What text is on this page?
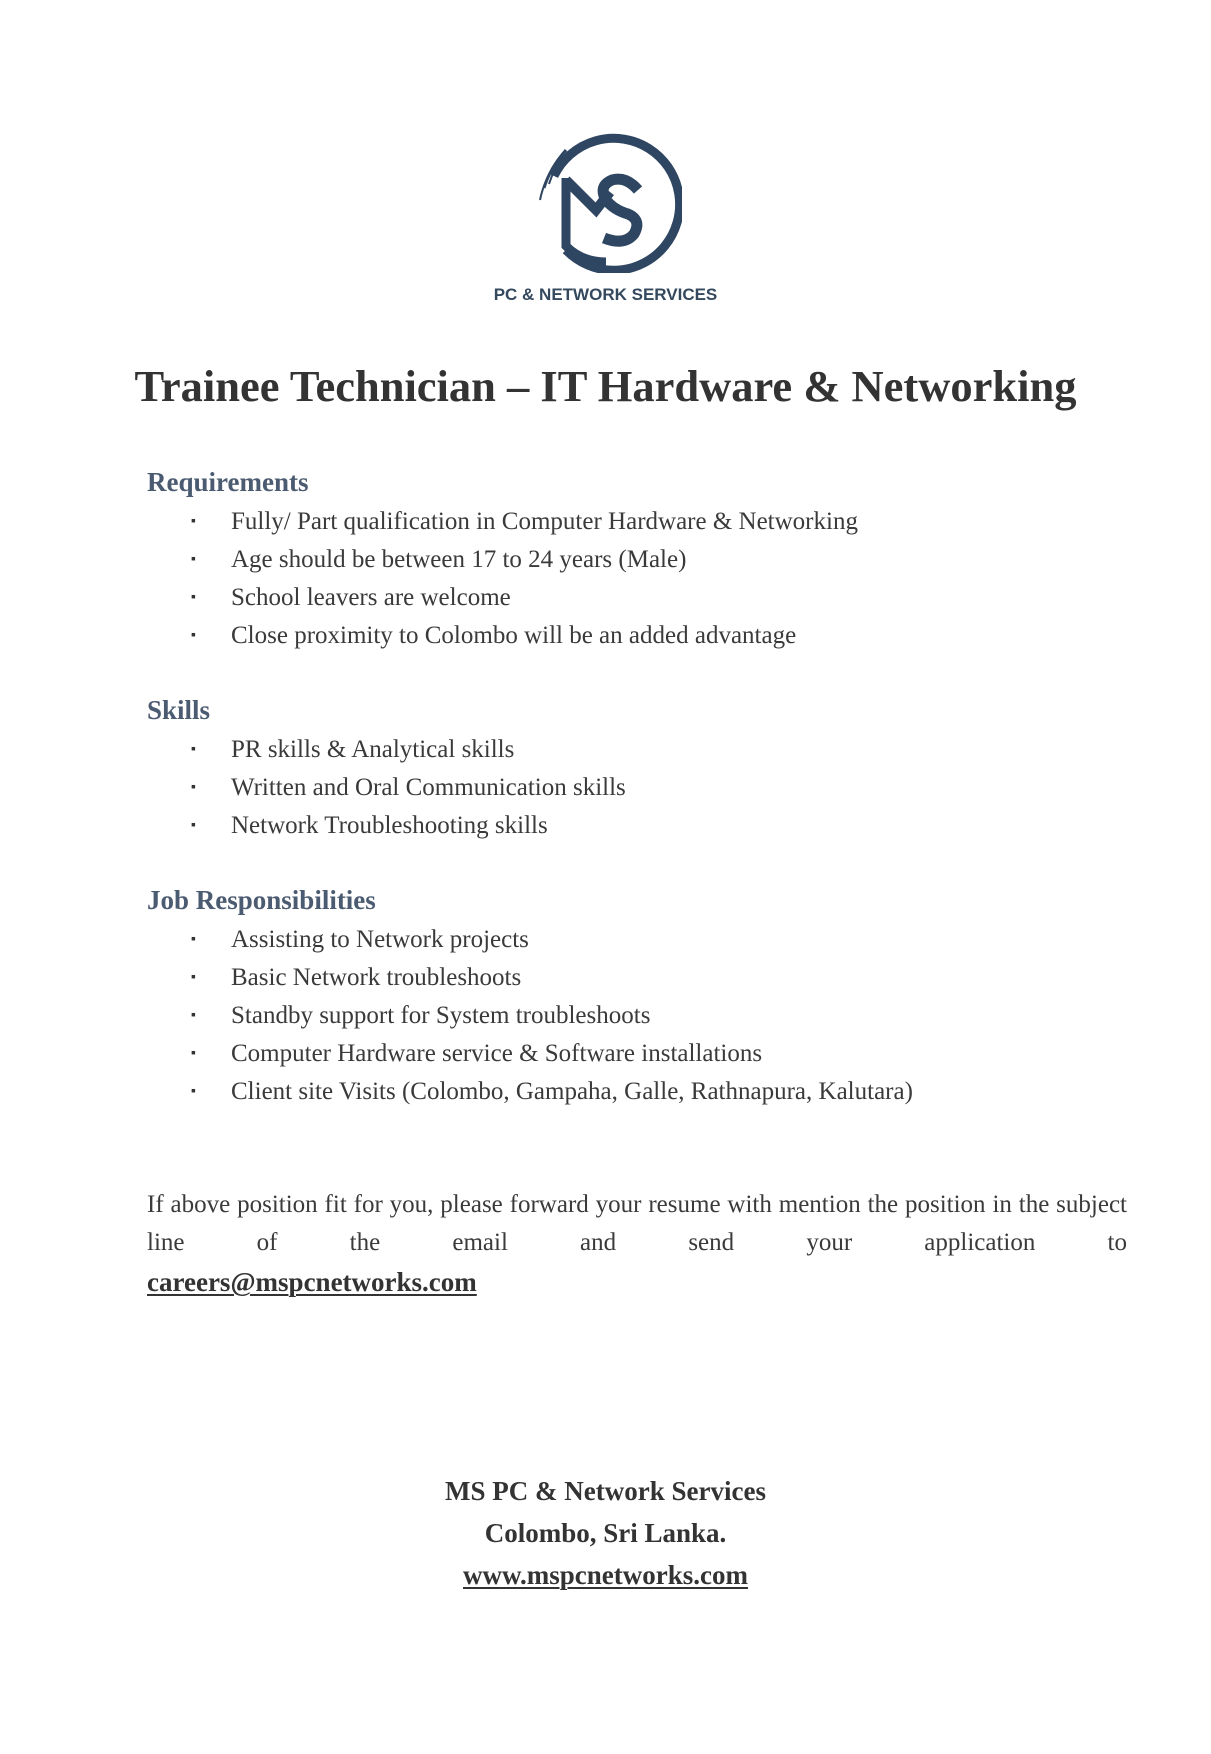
PC & NETWORK SERVICES
Trainee Technician – IT Hardware & Networking
Requirements
▪	Fully/ Part qualification in Computer Hardware & Networking
▪	Age should be between 17 to 24 years (Male)
▪	School leavers are welcome
▪	Close proximity to Colombo will be an added advantage
Skills
▪	PR skills & Analytical skills
▪	Written and Oral Communication skills
▪	Network Troubleshooting skills
Job Responsibilities
▪	Assisting to Network projects
▪	Basic Network troubleshoots
▪	Standby support for System troubleshoots
▪	Computer Hardware service & Software installations
▪	Client site Visits (Colombo, Gampaha, Galle, Rathnapura, Kalutara)

If above position fit for you, please forward your resume with mention the position in the subject line of the email and send your application to

careers@mspcnetworks.com
MS PC & Network Services
Colombo, Sri Lanka.
www.mspcnetworks.com
